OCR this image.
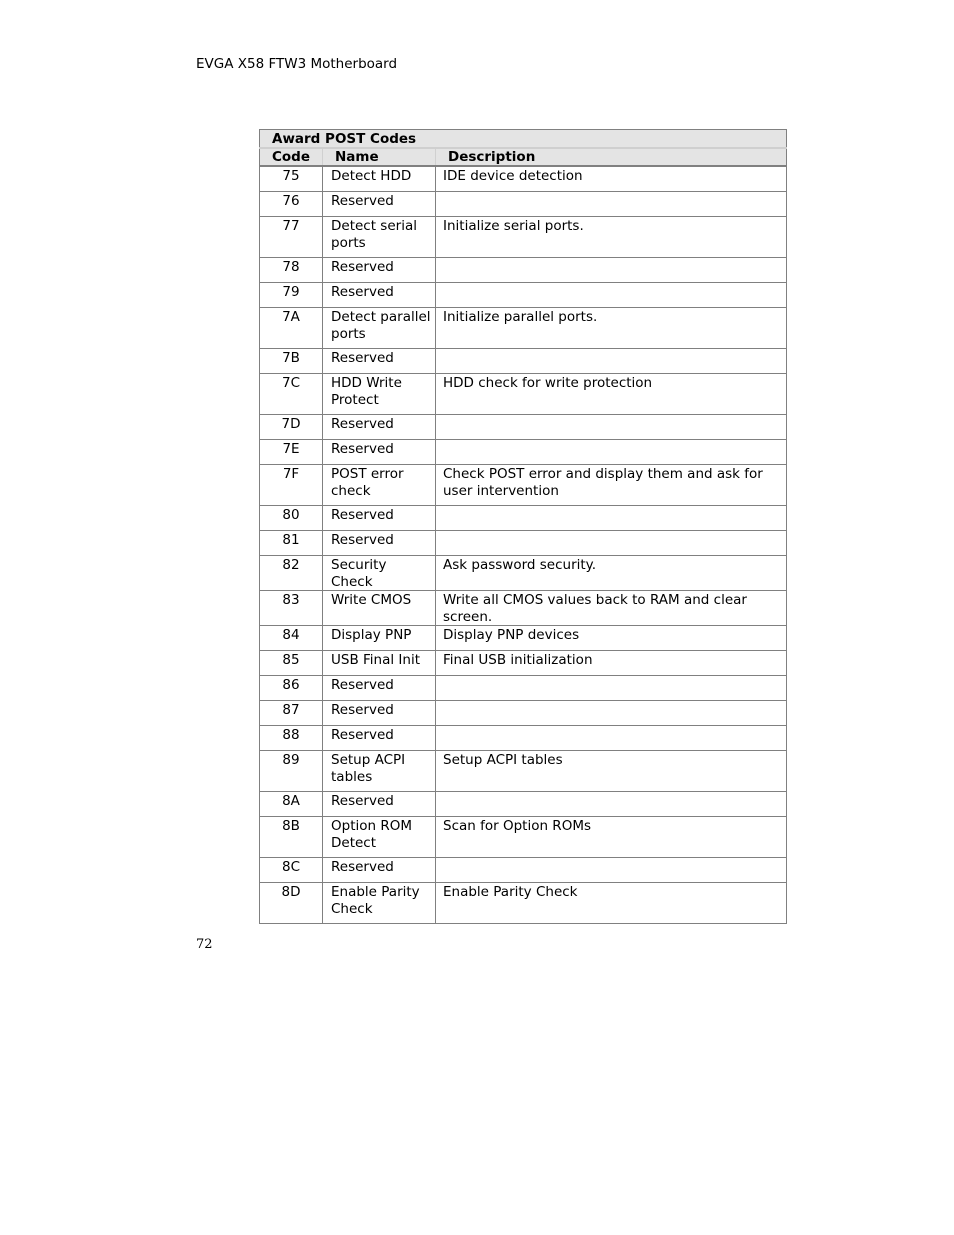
EVGA X58 FTW3 Motherboard
Award POST Codes		
Code	Name	Description
75	Detect HDD	IDE device detection
76	Reserved	
77	Detect serial ports	Initialize serial ports.
78	Reserved	
79	Reserved	
7A	Detect parallel ports	Initialize parallel ports.
7B	Reserved	
7C	HDD Write Protect	HDD check for write protection
7D	Reserved	
7E	Reserved	
7F	POST error check	Check POST error and display them and ask for user intervention
80	Reserved	
81	Reserved	
82	Security Check	Ask password security.
83	Write CMOS	Write all CMOS values back to RAM and clear screen.
84	Display PNP	Display PNP devices
85	USB Final Init	Final USB initialization
86	Reserved	
87	Reserved	
88	Reserved	
89	Setup ACPI tables	Setup ACPI tables
8A	Reserved	
8B	Option ROM Detect	Scan for Option ROMs
8C	Reserved	
8D	Enable Parity Check	Enable Parity Check
72
